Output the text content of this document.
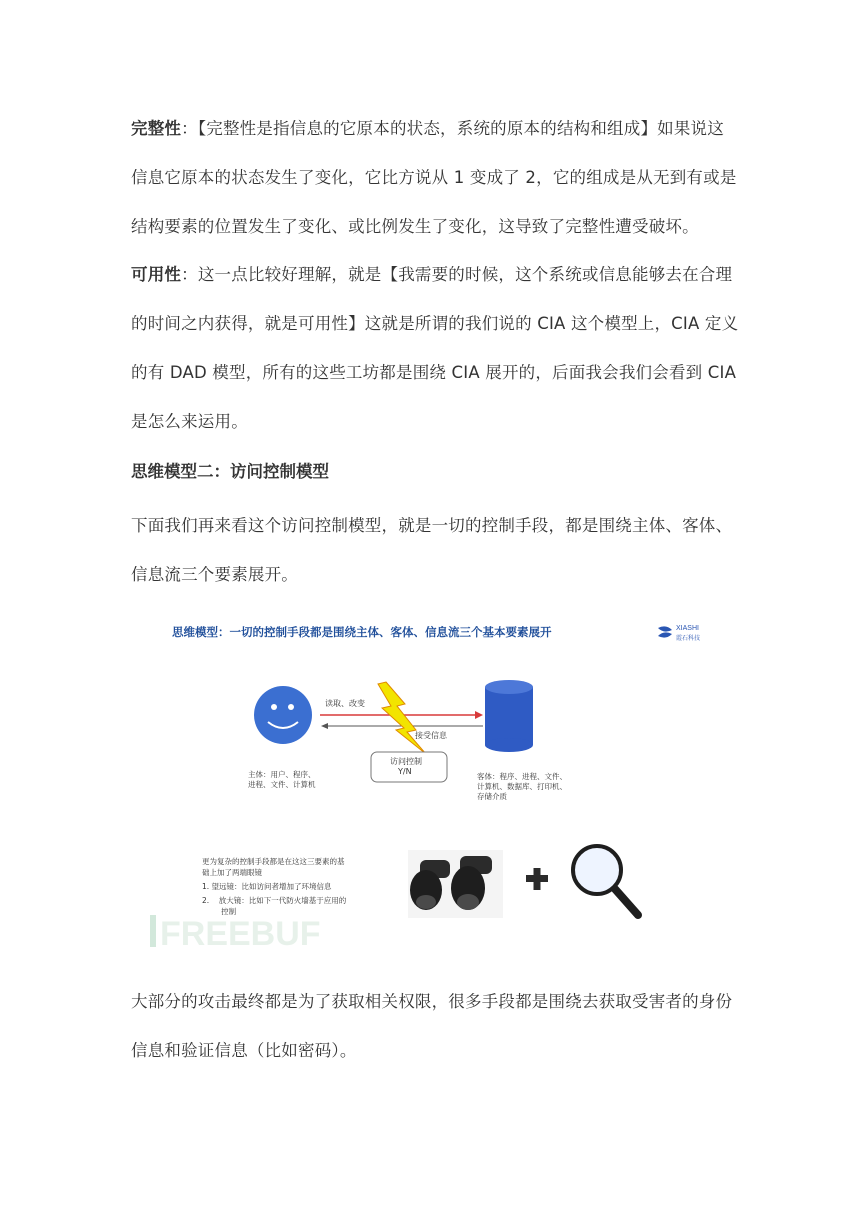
完整性：【完整性是指信息的它原本的状态，系统的原本的结构和组成】如果说这
信息它原本的状态发生了变化，它比方说从 1 变成了 2，它的组成是从无到有或是
结构要素的位置发生了变化、或比例发生了变化，这导致了完整性遭受破坏。

可用性：这一点比较好理解，就是【我需要的时候，这个系统或信息能够去在合理
的时间之内获得，就是可用性】这就是所谓的我们说的 CIA 这个模型上，CIA 定义
的有 DAD 模型，所有的这些工坊都是围绕 CIA 展开的，后面我会我们会看到 CIA
是怎么来运用。

思维模型二：访问控制模型

下面我们再来看这个访问控制模型，就是一切的控制手段，都是围绕主体、客体、
信息流三个要素展开。

FREEBUF
XIASHI
霞石科技

思维模型：一切的控制手段都是围绕主体、客体、信息流三个基本要素展开

读取、改变

接受信息

访问控制

Y/N

主体：用户、程序、
进程、文件、计算机

客体：程序、进程、文件、
计算机、数据库、打印机、
存储介质

更为复杂的控制手段都是在这这三要素的基
础上加了两端眼镜
1. 望远镜：比如访问者增加了环境信息
2.    放大镜：比如下一代防火墙基于应用的
控制

大部分的攻击最终都是为了获取相关权限，很多手段都是围绕去获取受害者的身份
信息和验证信息（比如密码）。
